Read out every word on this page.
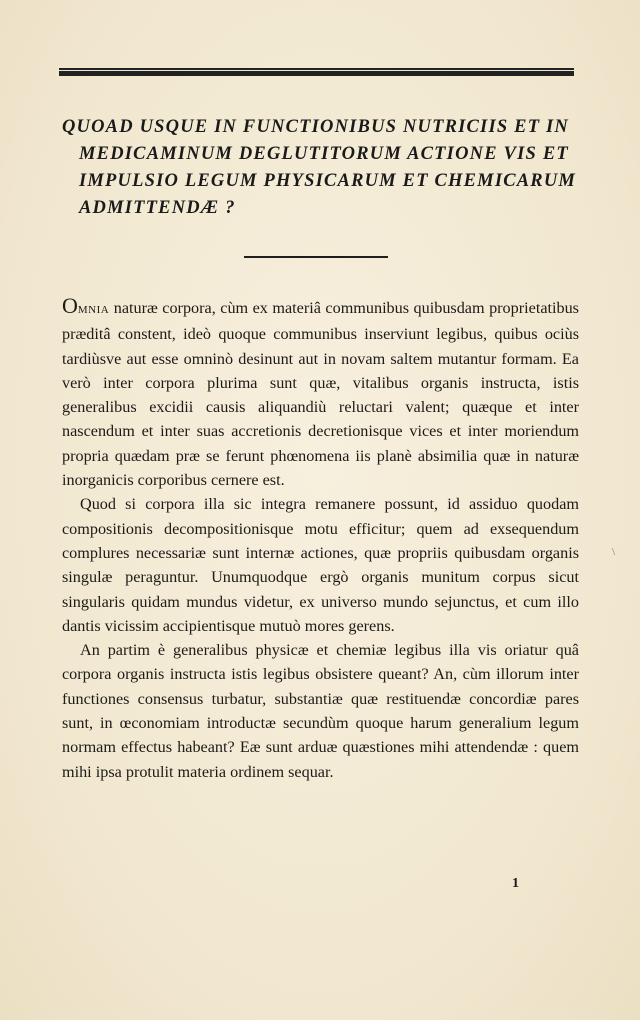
QUOAD USQUE IN FUNCTIONIBUS NUTRICIIS ET IN
MEDICAMINUM DEGLUTITORUM ACTIONE VIS ET
IMPULSIO LEGUM PHYSICARUM ET CHEMICARUM
ADMITTENDÆ ?

OMNIA naturæ corpora, cùm ex materiâ communibus quibusdam proprietatibus præditâ constent, ideò quoque communibus inserviunt legibus, quibus ociùs tardiùsve aut esse omninò desinunt aut in novam saltem mutantur formam. Ea verò inter corpora plurima sunt quæ, vitalibus organis instructa, istis generalibus excidii causis aliquandiù reluctari valent; quæque et inter nascendum et inter suas accretionis decretionisque vices et inter moriendum propria quædam præ se ferunt phœnomena iis planè absimilia quæ in naturæ inorganicis corporibus cernere est.

Quod si corpora illa sic integra remanere possunt, id assiduo quodam compositionis decompositionisque motu efficitur; quem ad exsequendum complures necessariæ sunt internæ actiones, quæ propriis quibusdam organis singulæ peraguntur. Unumquodque ergò organis munitum corpus sicut singularis quidam mundus videtur, ex universo mundo sejunctus, et cum illo dantis vicissim accipientisque mutuò mores gerens.

An partim è generalibus physicæ et chemiæ legibus illa vis oriatur quâ corpora organis instructa istis legibus obsistere queant? An, cùm illorum inter functiones consensus turbatur, substantiæ quæ restituendæ concordiæ pares sunt, in œconomiam introductæ secundùm quoque harum generalium legum normam effectus habeant? Eæ sunt arduæ quæstiones mihi attendendæ : quem mihi ipsa protulit materia ordinem sequar.

\
1
